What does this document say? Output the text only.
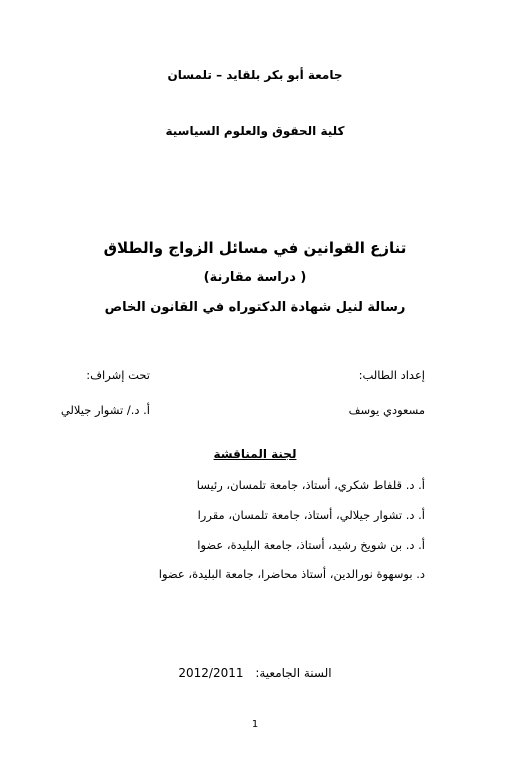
جامعة أبو بكر بلقايد – تلمسان
كلية الحقوق والعلوم السياسية
تنازع القوانين في مسائل الزواج والطلاق
( دراسة مقارنة)
رسالة لنيل شهادة الدكتوراه في القانون الخاص
إعداد الطالب:
مسعودي يوسف
تحت إشراف:
أ. د./ تشوار جيلالي
لجنة المناقشة
أ. د. قلفاط شكري، أستاذ، جامعة تلمسان، رئيسا
أ. د. تشوار جيلالي، أستاذ، جامعة تلمسان، مقررا
أ. د. بن شويخ رشيد، أستاذ، جامعة البليدة، عضوا
د. بوسهوة نورالدين، أستاذ محاضرا، جامعة البليدة، عضوا
السنة الجامعية: 2012/2011
1
